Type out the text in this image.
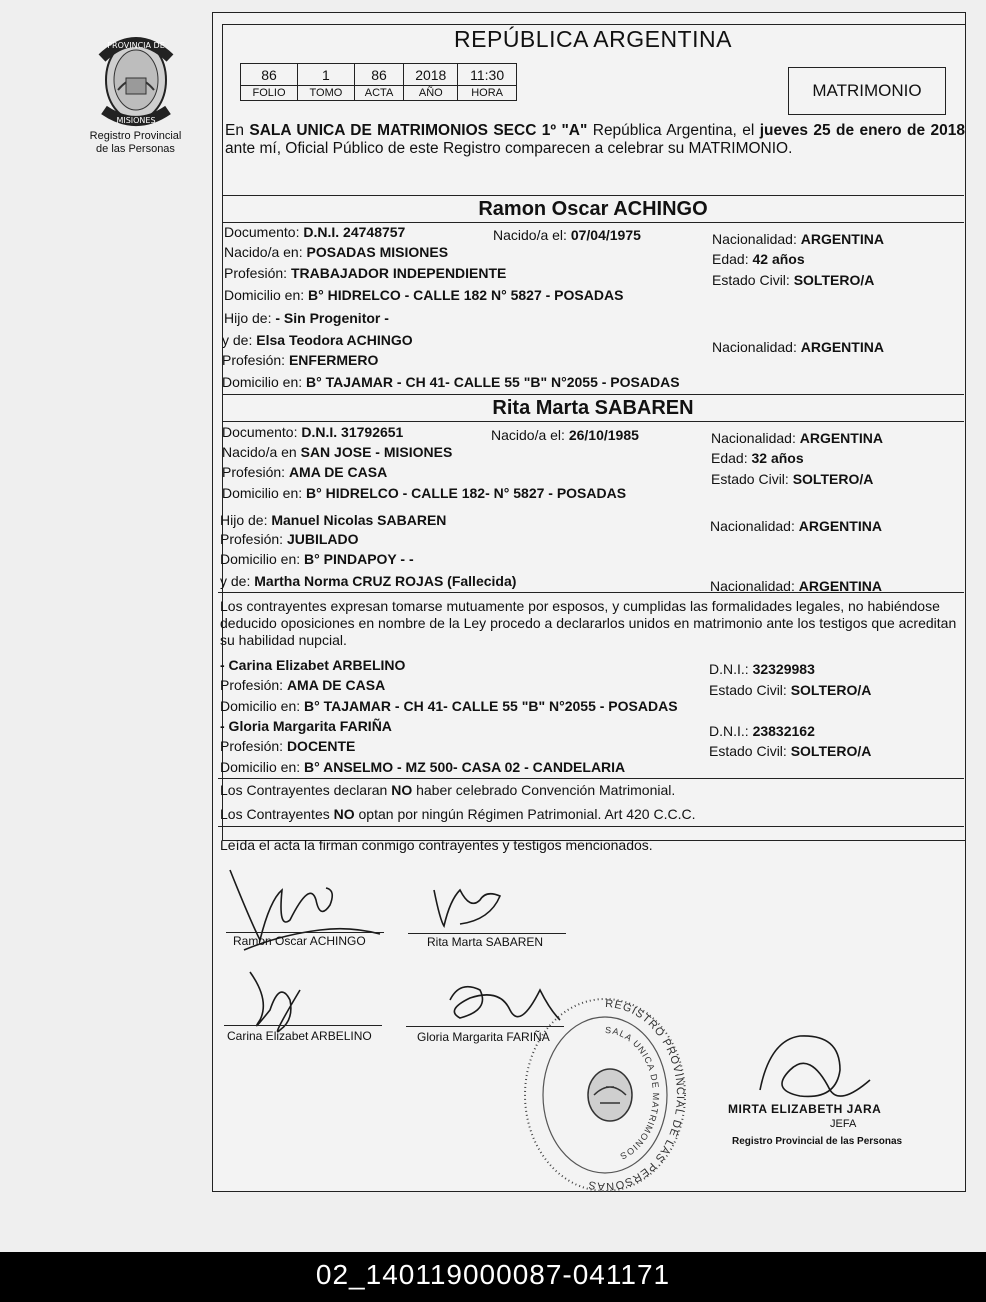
PROVINCIA DE
MISIONES
Registro Provincial
de las Personas
REPÚBLICA ARGENTINA
86	1	86	2018	11:30
FOLIO	TOMO	ACTA	AÑO	HORA	MATRIMONIO
En SALA UNICA DE MATRIMONIOS SECC 1º "A" República Argentina, el jueves 25 de enero de 2018 ante mí, Oficial Público de este Registro comparecen a celebrar su MATRIMONIO.
Ramon Oscar ACHINGO
Documento: D.N.I. 24748757	Nacido/a el: 07/04/1975	Nacionalidad: ARGENTINA
Nacido/a en: POSADAS MISIONES	Edad: 42 años
Profesión: TRABAJADOR INDEPENDIENTE	Estado Civil: SOLTERO/A
Domicilio en: B° HIDRELCO - CALLE 182 N° 5827 - POSADAS
Hijo de: - Sin Progenitor -
y de: Elsa Teodora ACHINGO	Nacionalidad: ARGENTINA
Profesión: ENFERMERO
Domicilio en: B° TAJAMAR - CH 41- CALLE 55 "B" N°2055 - POSADAS
Rita Marta SABAREN
Documento: D.N.I. 31792651	Nacido/a el: 26/10/1985	Nacionalidad: ARGENTINA
Nacido/a en SAN JOSE - MISIONES	Edad: 32 años
Profesión: AMA DE CASA	Estado Civil: SOLTERO/A
Domicilio en: B° HIDRELCO - CALLE 182- N° 5827 - POSADAS
Hijo de: Manuel Nicolas SABAREN	Nacionalidad: ARGENTINA
Profesión: JUBILADO
Domicilio en: B° PINDAPOY - -
y de: Martha Norma CRUZ ROJAS (Fallecida)	Nacionalidad: ARGENTINA
Los contrayentes expresan tomarse mutuamente por esposos, y cumplidas las formalidades legales, no habiéndose deducido oposiciones en nombre de la Ley procedo a declararlos unidos en matrimonio ante los testigos que acreditan su habilidad nupcial.
- Carina Elizabet ARBELINO	D.N.I.: 32329983
Profesión: AMA DE CASA	Estado Civil: SOLTERO/A
Domicilio en: B° TAJAMAR - CH 41- CALLE 55 "B" N°2055 - POSADAS
- Gloria Margarita FARIÑA	D.N.I.: 23832162
Profesión: DOCENTE	Estado Civil: SOLTERO/A
Domicilio en: B° ANSELMO - MZ 500- CASA 02 - CANDELARIA
Los Contrayentes declaran NO haber celebrado Convención Matrimonial.
Los Contrayentes NO optan por ningún Régimen Patrimonial. Art 420 C.C.C.
Leída el acta la firman conmigo contrayentes y testigos mencionados.
Ramon Oscar ACHINGO	Rita Marta SABAREN
Carina Elizabet ARBELINO	Gloria Margarita FARIÑA
REGISTRO PROVINCIAL DE LAS PERSONAS
SALA UNICA DE MATRIMONIOS
MIRTA ELIZABETH JARA
JEFA
Registro Provincial de las Personas
02_140119000087-041171
